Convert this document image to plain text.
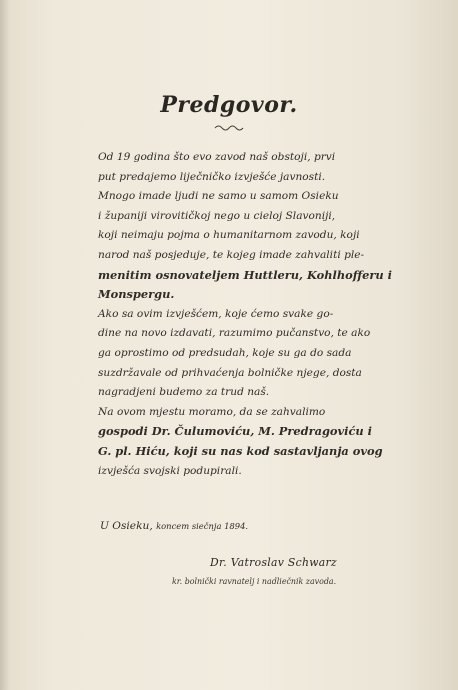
Predgovor.

Od 19 godina što evo zavod naš obstoji, prvi
put predajemo liječničko izvješće javnosti.

Mnogo imade ljudi ne samo u samom Osieku
i županiji virovitičkoj nego u cieloj Slavoniji,
koji neimaju pojma o humanitarnom zavodu, koji
narod naš posjeduje, te kojeg imade zahvaliti ple-
menitim osnovateljem Huttleru, Kohlhofferu i
Monspergu.

Ako sa ovim izvješćem, koje ćemo svake go-
dine na novo izdavati, razumimo pučanstvo, te ako
ga oprostimo od predsudah, koje su ga do sada
suzdržavale od prihvaćenja bolničke njege, dosta
nagradjeni budemo za trud naš.

Na ovom mjestu moramo, da se zahvalimo
gospodi Dr. Čulumoviću, M. Predragoviću i
G. pl. Hiću, koji su nas kod sastavljanja ovog
izvješća svojski podupirali.

U Osieku, koncem siečnja 1894.
Dr. Vatroslav Schwarz
kr. bolnički ravnatelj i nadliečnik zavoda.
